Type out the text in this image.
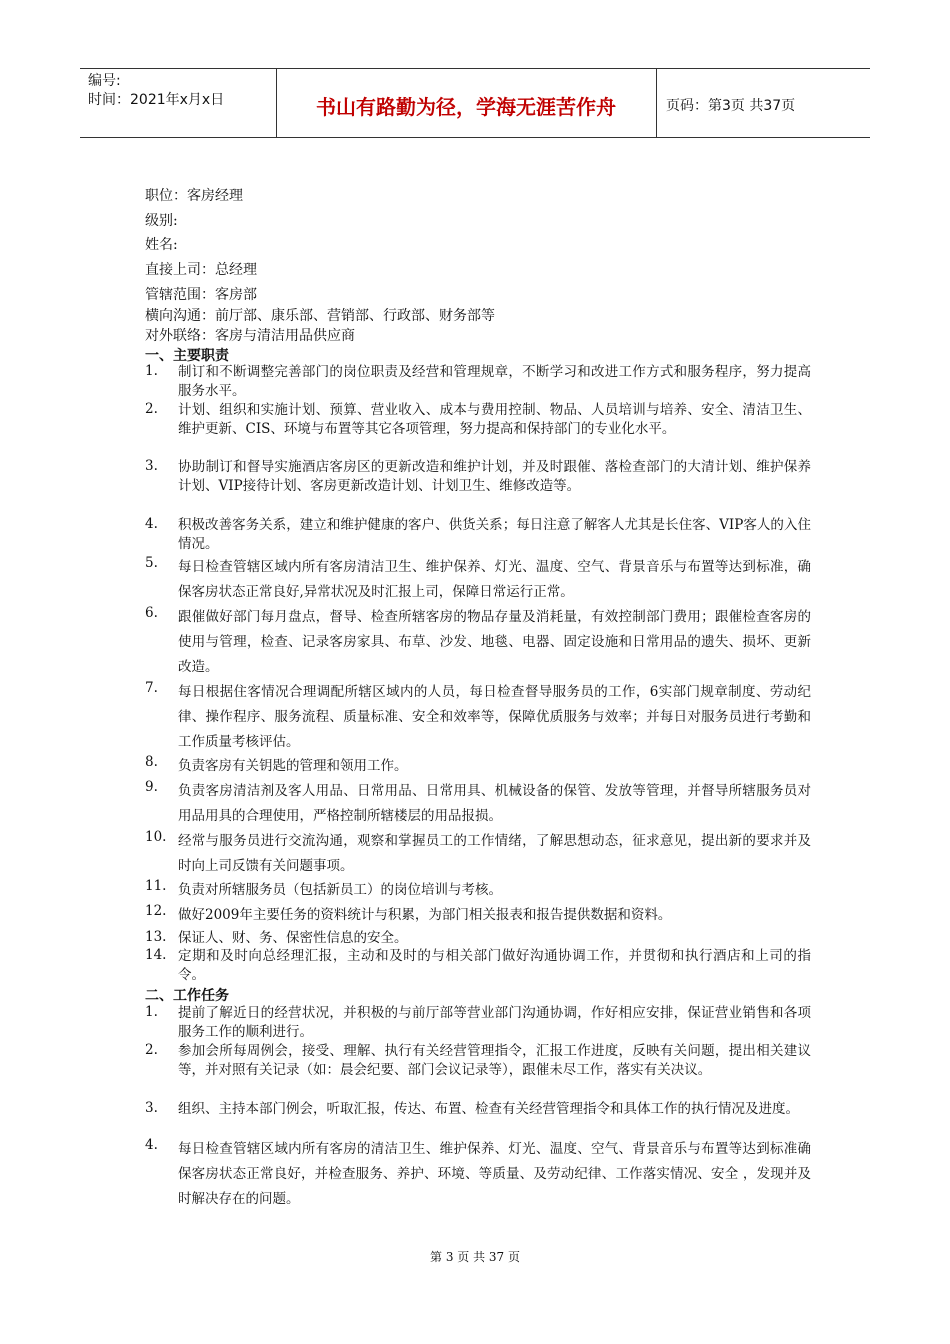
编号:
时间：2021年x月x日	书山有路勤为径，学海无涯苦作舟	页码：第3页 共37页
职位：客房经理
级别:
姓名:
直接上司：总经理
管辖范围：客房部
横向沟通：前厅部、康乐部、营销部、行政部、财务部等
对外联络：客房与清洁用品供应商
一、主要职责
1. 制订和不断调整完善部门的岗位职责及经营和管理规章，不断学习和改进工作方式和服务程序，努力提高服务水平。
2. 计划、组织和实施计划、预算、营业收入、成本与费用控制、物品、人员培训与培养、安全、清洁卫生、维护更新、CIS、环境与布置等其它各项管理，努力提高和保持部门的专业化水平。
3. 协助制订和督导实施酒店客房区的更新改造和维护计划，并及时跟催、落检查部门的大清计划、维护保养计划、VIP接待计划、客房更新改造计划、计划卫生、维修改造等。
4. 积极改善客务关系，建立和维护健康的客户、供货关系；每日注意了解客人尤其是长住客、VIP客人的入住情况。
5. 每日检查管辖区域内所有客房清洁卫生、维护保养、灯光、温度、空气、背景音乐与布置等达到标准，确保客房状态正常良好,异常状况及时汇报上司，保障日常运行正常。
6. 跟催做好部门每月盘点，督导、检查所辖客房的物品存量及消耗量，有效控制部门费用；跟催检查客房的使用与管理，检查、记录客房家具、布草、沙发、地毯、电器、固定设施和日常用品的遗失、损坏、更新改造。
7. 每日根据住客情况合理调配所辖区域内的人员，每日检查督导服务员的工作，6实部门规章制度、劳动纪律、操作程序、服务流程、质量标准、安全和效率等，保障优质服务与效率；并每日对服务员进行考勤和工作质量考核评估。
8. 负责客房有关钥匙的管理和领用工作。
9. 负责客房清洁剂及客人用品、日常用品、日常用具、机械设备的保管、发放等管理，并督导所辖服务员对用品用具的合理使用，严格控制所辖楼层的用品报损。
10. 经常与服务员进行交流沟通，观察和掌握员工的工作情绪，了解思想动态，征求意见，提出新的要求并及时向上司反馈有关问题事项。
11. 负责对所辖服务员（包括新员工）的岗位培训与考核。
12. 做好2009年主要任务的资料统计与积累，为部门相关报表和报告提供数据和资料。
13. 保证人、财、务、保密性信息的安全。
14. 定期和及时向总经理汇报，主动和及时的与相关部门做好沟通协调工作，并贯彻和执行酒店和上司的指令。
二、工作任务
1. 提前了解近日的经营状况，并积极的与前厅部等营业部门沟通协调，作好相应安排，保证营业销售和各项服务工作的顺利进行。
2. 参加会所每周例会，接受、理解、执行有关经营管理指令，汇报工作进度，反映有关问题，提出相关建议等，并对照有关记录（如：晨会纪要、部门会议记录等），跟催未尽工作，落实有关决议。
3. 组织、主持本部门例会，听取汇报，传达、布置、检查有关经营管理指令和具体工作的执行情况及进度。
4. 每日检查管辖区域内所有客房的清洁卫生、维护保养、灯光、温度、空气、背景音乐与布置等达到标准确保客房状态正常良好，并检查服务、养护、环境、等质量、及劳动纪律、工作落实情况、安全 ，发现并及时解决存在的问题。
第 3 页 共 37 页
